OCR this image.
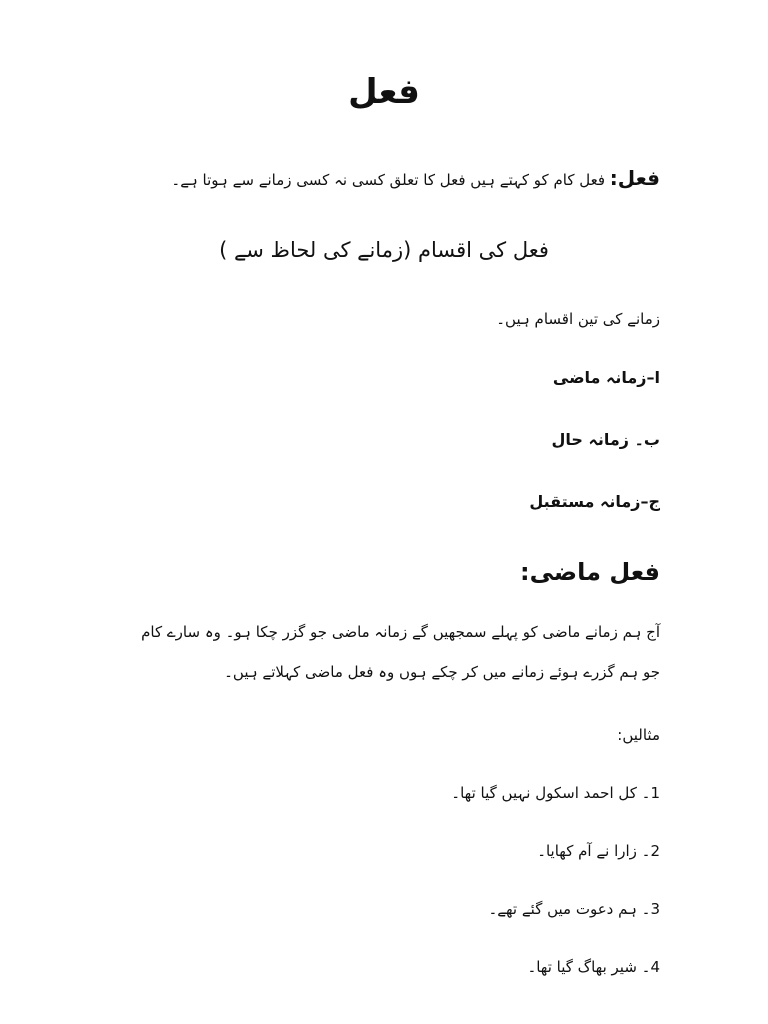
فعل
فعل: فعل کام کو کہتے ہیں فعل کا تعلق کسی نہ کسی زمانے سے ہوتا ہے۔
فعل کی اقسام (زمانے کی لحاظ سے )
زمانے کی تین اقسام ہیں۔
ا–زمانہ ماضی
ب۔ زمانہ حال
ج–زمانہ مستقبل
فعل ماضی:
آج ہم زمانے ماضی کو پہلے سمجھیں گے زمانہ ماضی جو گزر چکا ہو۔ وہ سارے کام جو ہم گزرے ہوئے زمانے میں کر چکے ہوں وہ فعل ماضی کہلاتے ہیں۔
مثالیں:
1۔ کل احمد اسکول نہیں گیا تھا۔
2۔ زارا نے آم کھایا۔
3۔ ہم دعوت میں گئے تھے۔
4۔ شیر بھاگ گیا تھا۔
